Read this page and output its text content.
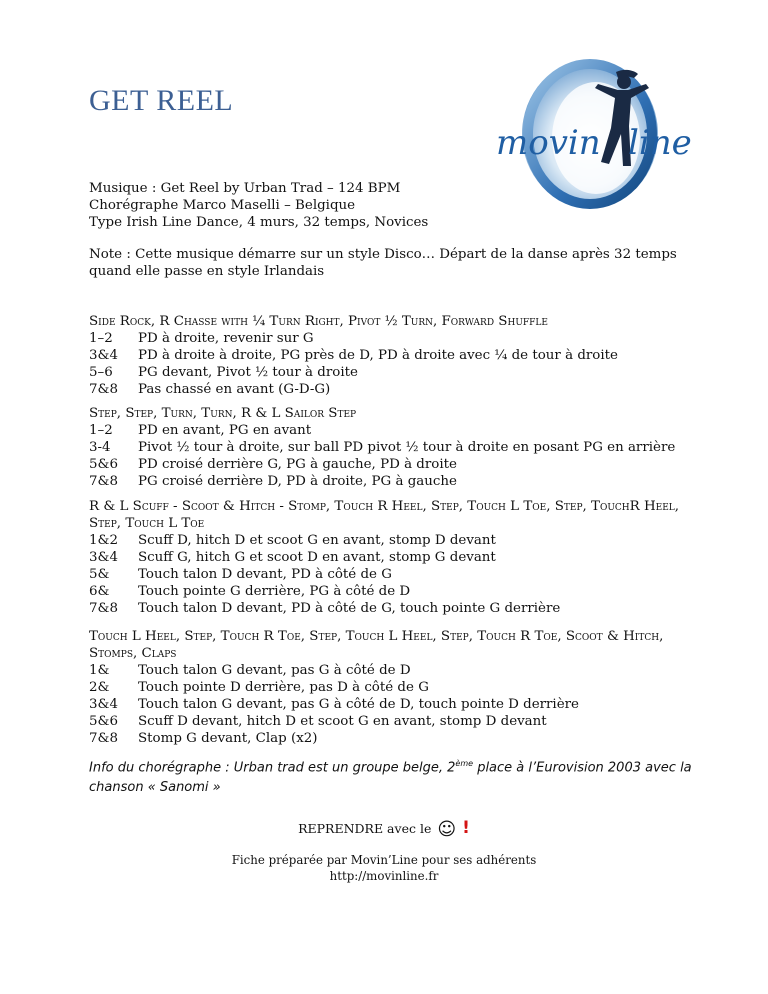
GET REEL
movin line
Musique : Get Reel by Urban Trad – 124 BPM
Chorégraphe Marco Maselli – Belgique
Type Irish Line Dance, 4 murs, 32 temps, Novices
Note : Cette musique démarre sur un style Disco… Départ de la danse après 32 temps quand elle passe en style Irlandais
Side Rock, R Chasse with ¼ Turn Right, Pivot ½ Turn, Forward Shuffle
1–2	PD à droite, revenir sur G
3&4	PD à droite à droite, PG près de D, PD à droite avec ¼ de tour à droite
5–6	PG devant, Pivot ½ tour à droite
7&8	Pas chassé en avant (G-D-G)
Step, Step, Turn, Turn, R & L Sailor Step
1–2	PD en avant, PG en avant
3-4	Pivot ½ tour à droite, sur ball PD pivot ½ tour à droite en posant PG en arrière
5&6	PD croisé derrière G, PG à gauche, PD à droite
7&8	PG croisé derrière D, PD à droite, PG à gauche
R & L Scuff - Scoot & Hitch - Stomp, Touch R Heel, Step, Touch L Toe, Step, TouchR Heel, Step, Touch L Toe
1&2	Scuff D, hitch D et scoot G en avant, stomp D devant
3&4	Scuff G, hitch G et scoot D en avant, stomp G devant
5&	Touch talon D devant, PD à côté de G
6&	Touch pointe G derrière, PG à côté de D
7&8	Touch talon D devant, PD à côté de G, touch pointe G derrière
Touch L Heel, Step, Touch R Toe, Step, Touch L Heel, Step, Touch R Toe, Scoot & Hitch, Stomps, Claps
1&	Touch talon G devant, pas G à côté de D
2&	Touch pointe D derrière, pas D à côté de G
3&4	Touch talon G devant, pas G à côté de D, touch pointe D derrière
5&6	Scuff D devant, hitch D et scoot G en avant, stomp D devant
7&8	Stomp G devant, Clap (x2)
Info du chorégraphe : Urban trad est un groupe belge, 2ème place à l’Eurovision 2003 avec la chanson « Sanomi »
REPRENDRE avec le ☺ !
Fiche préparée par Movin’Line pour ses adhérents
http://movinline.fr
